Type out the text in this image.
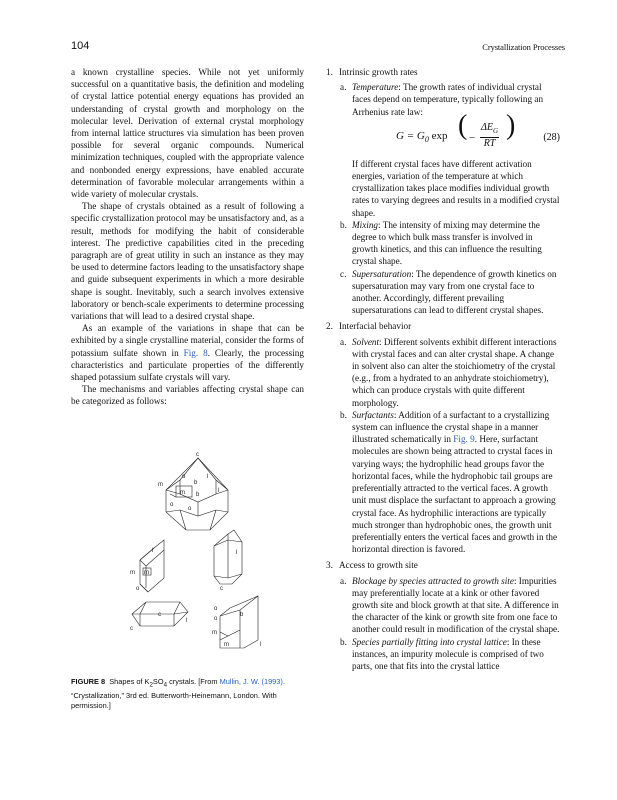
104	Crystallization Processes

a known crystalline species. While not yet uniformly successful on a quantitative basis, the definition and modeling of crystal lattice potential energy equations has provided an understanding of crystal growth and morphology on the molecular level. Derivation of external crystal morphology from internal lattice structures via simulation has been proven possible for several organic compounds. Numerical minimization techniques, coupled with the appropriate valence and nonbonded energy expressions, have enabled accurate determination of favorable molecular arrangements within a wide variety of molecular crystals.

The shape of crystals obtained as a result of following a specific crystallization protocol may be unsatisfactory and, as a result, methods for modifying the habit of considerable interest. The predictive capabilities cited in the preceding paragraph are of great utility in such an instance as they may be used to determine factors leading to the unsatisfactory shape and guide subsequent experiments in which a more desirable shape is sought. Inevitably, such a search involves extensive laboratory or bench-scale experiments to determine processing variations that will lead to a desired crystal shape.

As an example of the variations in shape that can be exhibited by a single crystalline material, consider the forms of potassium sulfate shown in Fig. 8. Clearly, the processing characteristics and particulate properties of the differently shaped potassium sulfate crystals will vary.

The mechanisms and variables affecting crystal shape can be categorized as follows:

c
o	l
b
m	l
o
o
b
m
m
l
o
m
c
l
c
l
c
o
m
b
o
m	l
FIGURE 8 Shapes of $K_2SO_4$ crystals. [From Mullin, J. W. (1993). “Crystallization,” 3rd ed. Butterworth-Heinemann, London. With permission.]
1. Intrinsic growth rates
a. Temperature: The growth rates of individual crystal faces depend on temperature, typically following an Arrhenius rate law:
$G = G_0$ exp ( −
$\Delta E_G$
RT
)	(28)
If different crystal faces have different activation energies, variation of the temperature at which crystallization takes place modifies individual growth rates to varying degrees and results in a modified crystal shape.
b. Mixing: The intensity of mixing may determine the degree to which bulk mass transfer is involved in growth kinetics, and this can influence the resulting crystal shape.
c. Supersaturation: The dependence of growth kinetics on supersaturation may vary from one crystal face to another. Accordingly, different prevailing supersaturations can lead to different crystal shapes.
2. Interfacial behavior
a. Solvent: Different solvents exhibit different interactions with crystal faces and can alter crystal shape. A change in solvent also can alter the stoichiometry of the crystal (e.g., from a hydrated to an anhydrate stoichiometry), which can produce crystals with quite different morphology.
b. Surfactants: Addition of a surfactant to a crystallizing system can influence the crystal shape in a manner illustrated schematically in Fig. 9. Here, surfactant molecules are shown being attracted to crystal faces in varying ways; the hydrophilic head groups favor the horizontal faces, while the hydrophobic tail groups are preferentially attracted to the vertical faces. A growth unit must displace the surfactant to approach a growing crystal face. As hydrophilic interactions are typically much stronger than hydrophobic ones, the growth unit preferentially enters the vertical faces and growth in the horizontal direction is favored.
3. Access to growth site
a. Blockage by species attracted to growth site: Impurities may preferentially locate at a kink or other favored growth site and block growth at that site. A difference in the character of the kink or growth site from one face to another could result in modification of the crystal shape.
b. Species partially fitting into crystal lattice: In these instances, an impurity molecule is comprised of two parts, one that fits into the crystal lattice
